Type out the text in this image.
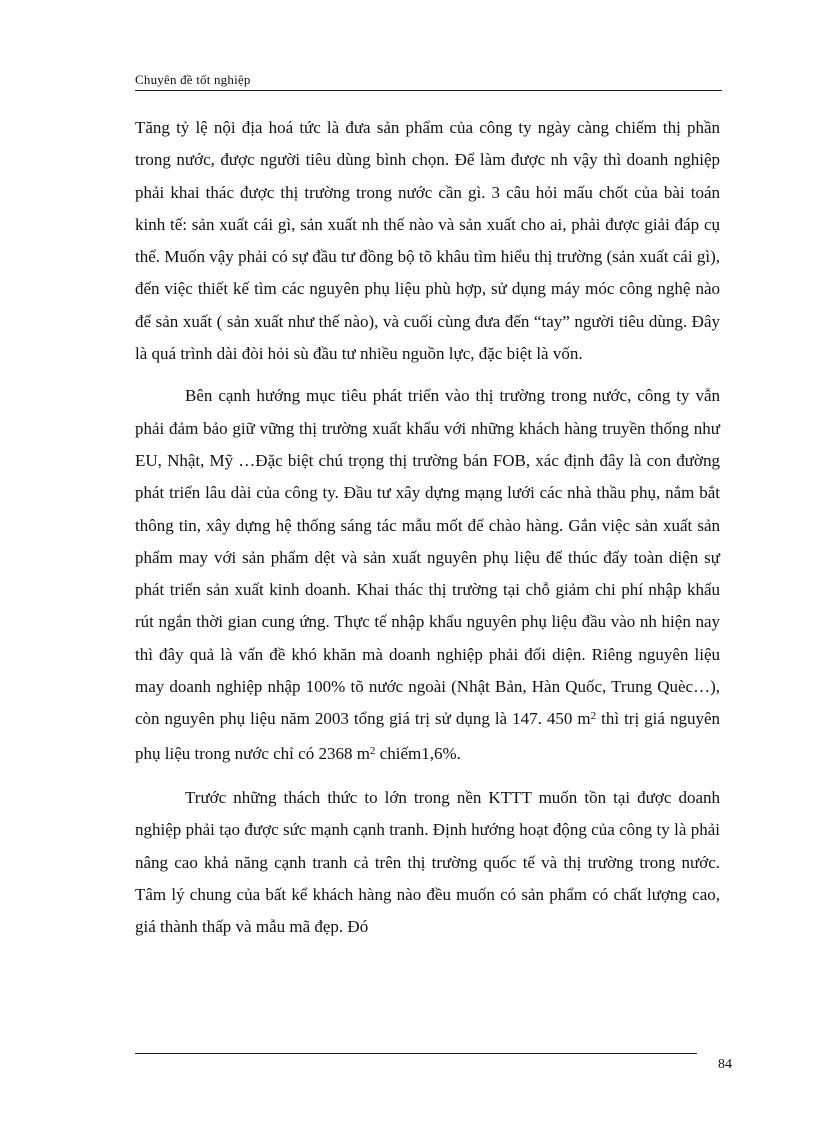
Chuyên đề tốt nghiệp

Tăng tỷ lệ nội địa hoá tức là đưa sản phẩm của công ty ngày càng chiếm thị phần trong nước, được người tiêu dùng bình chọn. Để làm được nh vậy thì doanh nghiệp phải khai thác được thị trường trong nước cần gì. 3 câu hỏi mấu chốt của bài toán kinh tế: sản xuất cái gì, sản xuất nh thế nào và sản xuất cho ai, phải được giải đáp cụ thể. Muốn vậy phải có sự đầu tư đồng bộ tõ khâu tìm hiểu thị trường (sản xuất cái gì), đến việc thiết kế tìm các nguyên phụ liệu phù hợp, sử dụng máy móc công nghệ nào để sản xuất ( sản xuất như thế nào), và cuối cùng đưa đến “tay” người tiêu dùng. Đây là quá trình dài đòi hỏi sù đầu tư nhiều nguồn lực, đặc biệt là vốn.

Bên cạnh hướng mục tiêu phát triển vào thị trường trong nước, công ty vẫn phải đảm bảo giữ vững thị trường xuất khẩu với những khách hàng truyền thống như EU, Nhật, Mỹ …Đặc biệt chú trọng thị trường bán FOB, xác định đây là con đường phát triển lâu dài của công ty. Đầu tư xây dựng mạng lưới các nhà thầu phụ, nắm bắt thông tin, xây dựng hệ thống sáng tác mẫu mốt để chào hàng. Gắn việc sản xuất sản phẩm may với sản phẩm dệt và sản xuất nguyên phụ liệu để thúc đẩy toàn diện sự phát triển sản xuất kinh doanh. Khai thác thị trường tại chỗ giảm chi phí nhập khẩu rút ngắn thời gian cung ứng. Thực tế nhập khẩu nguyên phụ liệu đầu vào nh hiện nay thì đây quả là vấn đề khó khăn mà doanh nghiệp phải đối diện. Riêng nguyên liệu may doanh nghiệp nhập 100% tõ nước ngoài (Nhật Bản, Hàn Quốc, Trung Quèc…), còn nguyên phụ liệu năm 2003 tổng giá trị sử dụng là 147. 450 $m^2$ thì trị giá nguyên phụ liệu trong nước chỉ có 2368 $m^2$ chiếm1,6%.

Trước những thách thức to lớn trong nền KTTT muốn tồn tại được doanh nghiệp phải tạo được sức mạnh cạnh tranh. Định hướng hoạt động của công ty là phải nâng cao khả năng cạnh tranh cả trên thị trường quốc tế và thị trường trong nước. Tâm lý chung của bất kể khách hàng nào đều muốn có sản phẩm có chất lượng cao, giá thành thấp và mẫu mã đẹp. Đó

84
